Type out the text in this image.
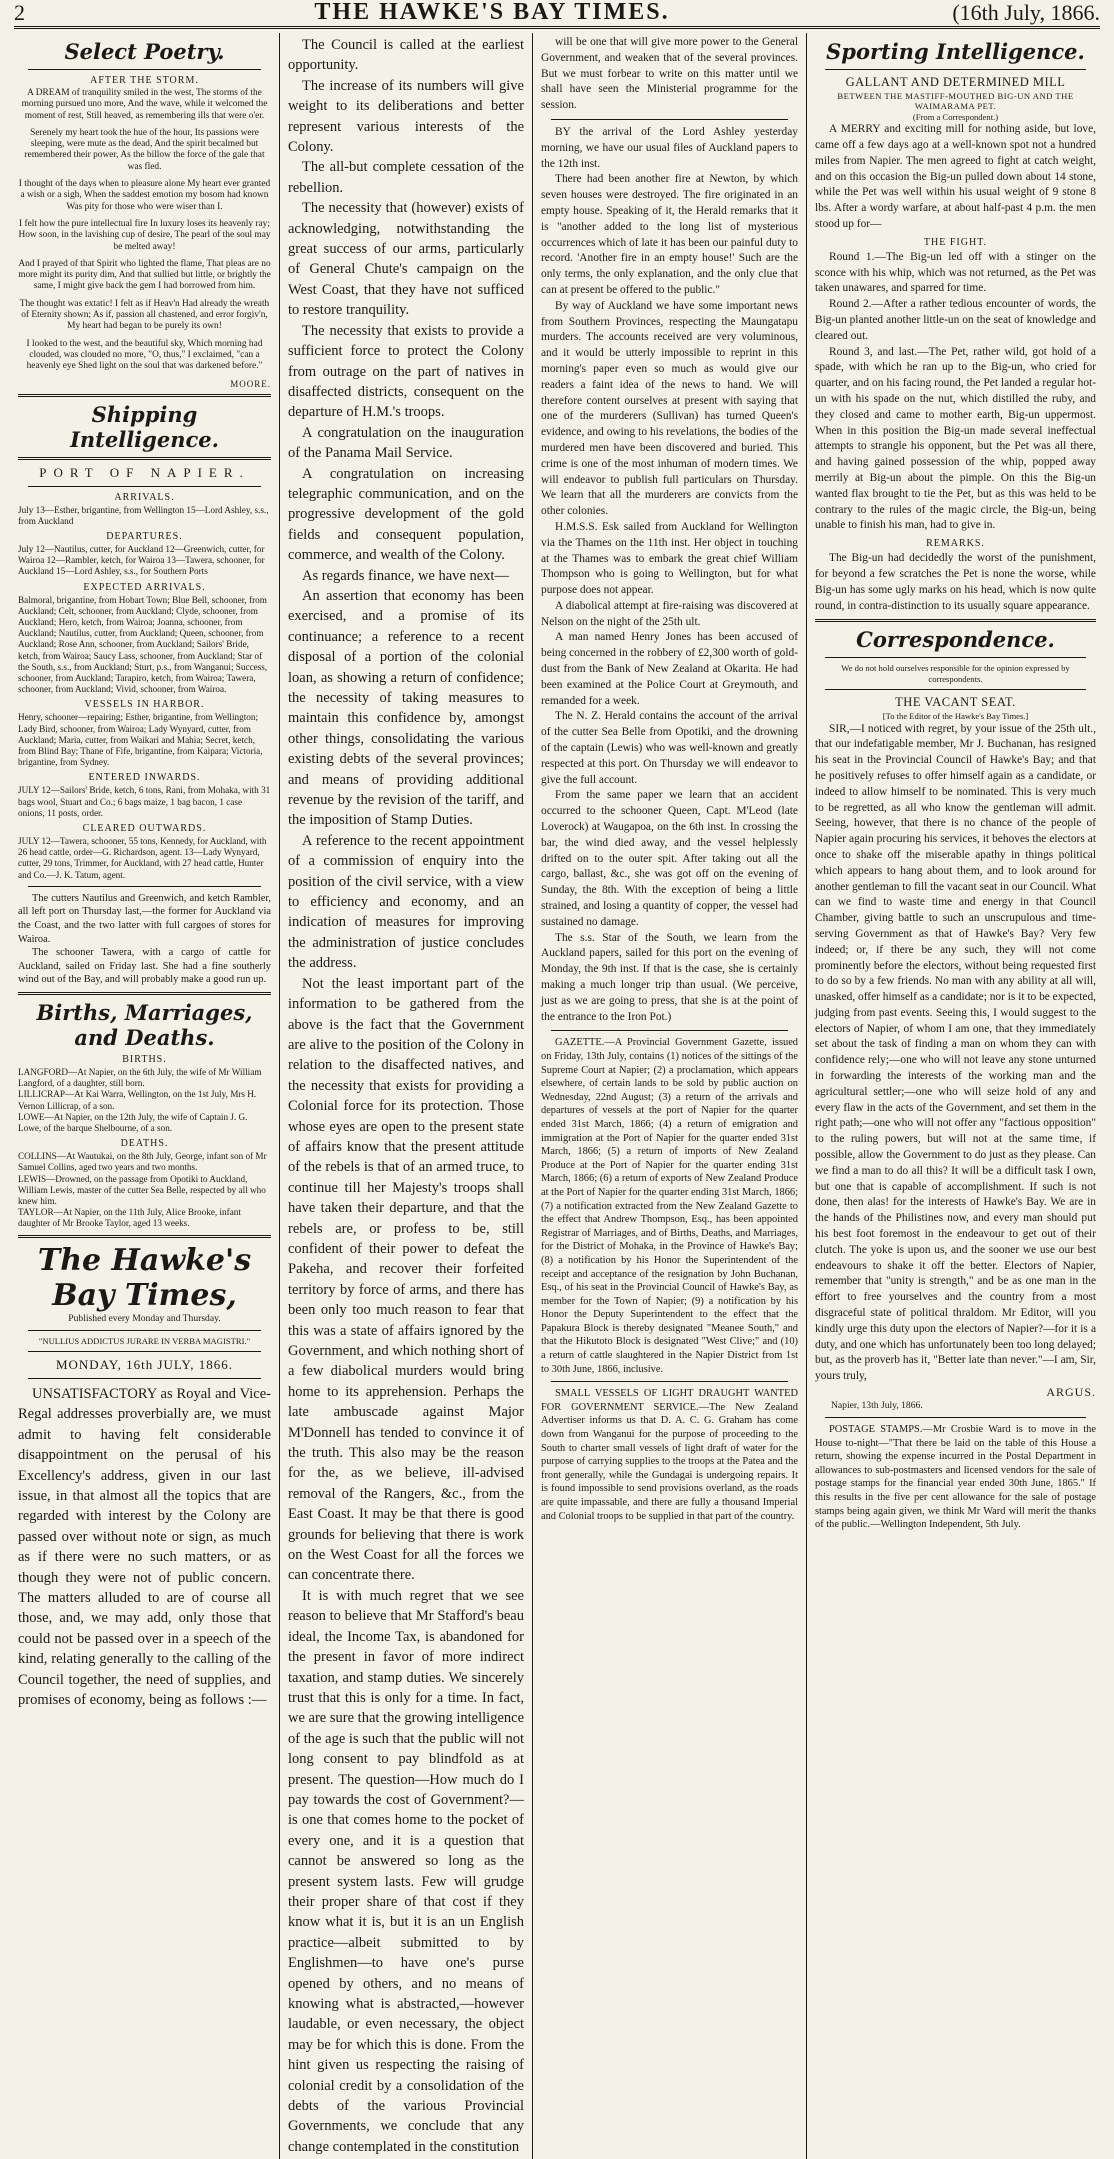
2	THE HAWKE'S BAY TIMES.	(16th July, 1866.
Select Poetry.
AFTER THE STORM.

A DREAM of tranquility smiled in the west, The storms of the morning pursued uno more, And the wave, while it welcomed the moment of rest, Still heaved, as remembering ills that were o'er.

Serenely my heart took the hue of the hour, Its passions were sleeping, were mute as the dead, And the spirit becalmed but remembered their power, As the billow the force of the gale that was fled.

I thought of the days when to pleasure alone My heart ever granted a wish or a sigh, When the saddest emotion my bosom had known Was pity for those who were wiser than I.

I felt how the pure intellectual fire In luxury loses its heavenly ray; How soon, in the lavishing cup of desire, The pearl of the soul may be melted away!

And I prayed of that Spirit who lighted the flame, That pleas are no more might its purity dim, And that sullied but little, or brightly the same, I might give back the gem I had borrowed from him.

The thought was extatic! I felt as if Heav'n Had already the wreath of Eternity shown; As if, passion all chastened, and error forgiv'n, My heart had began to be purely its own!

I looked to the west, and the beautiful sky, Which morning had clouded, was clouded no more, "O, thus," I exclaimed, "can a heavenly eye Shed light on the soul that was darkened before."

MOORE.
Shipping Intelligence.
PORT OF NAPIER.
ARRIVALS.
July 13—Esther, brigantine, from Wellington 15—Lord Ashley, s.s., from Auckland
DEPARTURES.
July 12—Nautilus, cutter, for Auckland 12—Greenwich, cutter, for Wairoa 12—Rambler, ketch, for Wairoa 13—Tawera, schooner, for Auckland 15—Lord Ashley, s.s., for Southern Ports
EXPECTED ARRIVALS.
Balmoral, brigantine, from Hobart Town; Blue Bell, schooner, from Auckland; Celt, schooner, from Auckland; Clyde, schooner, from Auckland; Hero, ketch, from Wairoa; Joanna, schooner, from Auckland; Nautilus, cutter, from Auckland; Queen, schooner, from Auckland; Rose Ann, schooner, from Auckland; Sailors' Bride, ketch, from Wairoa; Saucy Lass, schooner, from Auckland; Star of the South, s.s., from Auckland; Sturt, p.s., from Wanganui; Success, schooner, from Auckland; Tarapiro, ketch, from Wairoa; Tawera, schooner, from Auckland; Vivid, schooner, from Wairoa.
VESSELS IN HARBOR.
Henry, schooner—repairing; Esther, brigantine, from Wellington; Lady Bird, schooner, from Wairoa; Lady Wynyard, cutter, from Auckland; Maria, cutter, from Waikari and Mahia; Secret, ketch, from Blind Bay; Thane of Fife, brigantine, from Kaipara; Victoria, brigantine, from Sydney.
ENTERED INWARDS.
JULY 12—Sailors' Bride, ketch, 6 tons, Rani, from Mohaka, with 31 bags wool, Stuart and Co.; 6 bags maize, 1 bag bacon, 1 case onions, 11 posts, order.
CLEARED OUTWARDS.
JULY 12—Tawera, schooner, 55 tons, Kennedy, for Auckland, with 26 head cattle, order—G. Richardson, agent. 13—Lady Wynyard, cutter, 29 tons, Trimmer, for Auckland, with 27 head cattle, Hunter and Co.—J. K. Tatum, agent.

The cutters Nautilus and Greenwich, and ketch Rambler, all left port on Thursday last,—the former for Auckland via the Coast, and the two latter with full cargoes of stores for Wairoa.

The schooner Tawera, with a cargo of cattle for Auckland, sailed on Friday last. She had a fine southerly wind out of the Bay, and will probably make a good run up.

Births, Marriages, and Deaths.
BIRTHS.
LANGFORD—At Napier, on the 6th July, the wife of Mr William Langford, of a daughter, still born.
LILLICRAP—At Kai Warra, Wellington, on the 1st July, Mrs H. Vernon Lillicrap, of a son.
LOWE—At Napier, on the 12th July, the wife of Captain J. G. Lowe, of the barque Shelbourne, of a son.
DEATHS.
COLLINS—At Wautukai, on the 8th July, George, infant son of Mr Samuel Collins, aged two years and two months.
LEWIS—Drowned, on the passage from Opotiki to Auckland, William Lewis, master of the cutter Sea Belle, respected by all who knew him.
TAYLOR—At Napier, on the 11th July, Alice Brooke, infant daughter of Mr Brooke Taylor, aged 13 weeks.
The Hawke's Bay Times,
Published every Monday and Thursday.
"NULLIUS ADDICTUS JURARE IN VERBA MAGISTRI."
MONDAY, 16th JULY, 1866.

UNSATISFACTORY as Royal and Vice-Regal addresses proverbially are, we must admit to having felt considerable disappointment on the perusal of his Excellency's address, given in our last issue, in that almost all the topics that are regarded with interest by the Colony are passed over without note or sign, as much as if there were no such matters, or as though they were not of public concern. The matters alluded to are of course all those, and, we may add, only those that could not be passed over in a speech of the kind, relating generally to the calling of the Council together, the need of supplies, and promises of economy, being as follows :—

The Council is called at the earliest opportunity.

The increase of its numbers will give weight to its deliberations and better represent various interests of the Colony.

The all-but complete cessation of the rebellion.

The necessity that (however) exists of acknowledging, notwithstanding the great success of our arms, particularly of General Chute's campaign on the West Coast, that they have not sufficed to restore tranquility.

The necessity that exists to provide a sufficient force to protect the Colony from outrage on the part of natives in disaffected districts, consequent on the departure of H.M.'s troops.

A congratulation on the inauguration of the Panama Mail Service.

A congratulation on increasing telegraphic communication, and on the progressive development of the gold fields and consequent population, commerce, and wealth of the Colony.

As regards finance, we have next—

An assertion that economy has been exercised, and a promise of its continuance; a reference to a recent disposal of a portion of the colonial loan, as showing a return of confidence; the necessity of taking measures to maintain this confidence by, amongst other things, consolidating the various existing debts of the several provinces; and means of providing additional revenue by the revision of the tariff, and the imposition of Stamp Duties.

A reference to the recent appointment of a commission of enquiry into the position of the civil service, with a view to efficiency and economy, and an indication of measures for improving the administration of justice concludes the address.

Not the least important part of the information to be gathered from the above is the fact that the Government are alive to the position of the Colony in relation to the disaffected natives, and the necessity that exists for providing a Colonial force for its protection. Those whose eyes are open to the present state of affairs know that the present attitude of the rebels is that of an armed truce, to continue till her Majesty's troops shall have taken their departure, and that the rebels are, or profess to be, still confident of their power to defeat the Pakeha, and recover their forfeited territory by force of arms, and there has been only too much reason to fear that this was a state of affairs ignored by the Government, and which nothing short of a few diabolical murders would bring home to its apprehension. Perhaps the late ambuscade against Major M'Donnell has tended to convince it of the truth. This also may be the reason for the, as we believe, ill-advised removal of the Rangers, &c., from the East Coast. It may be that there is good grounds for believing that there is work on the West Coast for all the forces we can concentrate there.

It is with much regret that we see reason to believe that Mr Stafford's beau ideal, the Income Tax, is abandoned for the present in favor of more indirect taxation, and stamp duties. We sincerely trust that this is only for a time. In fact, we are sure that the growing intelligence of the age is such that the public will not long consent to pay blindfold as at present. The question—How much do I pay towards the cost of Government?—is one that comes home to the pocket of every one, and it is a question that cannot be answered so long as the present system lasts. Few will grudge their proper share of that cost if they know what it is, but it is an un English practice—albeit submitted to by Englishmen—to have one's purse opened by others, and no means of knowing what is abstracted,—however laudable, or even necessary, the object may be for which this is done. From the hint given us respecting the raising of colonial credit by a consolidation of the debts of the various Provincial Governments, we conclude that any change contemplated in the constitution

will be one that will give more power to the General Government, and weaken that of the several provinces. But we must forbear to write on this matter until we shall have seen the Ministerial programme for the session.

BY the arrival of the Lord Ashley yesterday morning, we have our usual files of Auckland papers to the 12th inst.

There had been another fire at Newton, by which seven houses were destroyed. The fire originated in an empty house. Speaking of it, the Herald remarks that it is "another added to the long list of mysterious occurrences which of late it has been our painful duty to record. 'Another fire in an empty house!' Such are the only terms, the only explanation, and the only clue that can at present be offered to the public."

By way of Auckland we have some important news from Southern Provinces, respecting the Maungatapu murders. The accounts received are very voluminous, and it would be utterly impossible to reprint in this morning's paper even so much as would give our readers a faint idea of the news to hand. We will therefore content ourselves at present with saying that one of the murderers (Sullivan) has turned Queen's evidence, and owing to his revelations, the bodies of the murdered men have been discovered and buried. This crime is one of the most inhuman of modern times. We will endeavor to publish full particulars on Thursday. We learn that all the murderers are convicts from the other colonies.

H.M.S.S. Esk sailed from Auckland for Wellington via the Thames on the 11th inst. Her object in touching at the Thames was to embark the great chief William Thompson who is going to Wellington, but for what purpose does not appear.

A diabolical attempt at fire-raising was discovered at Nelson on the night of the 25th ult.

A man named Henry Jones has been accused of being concerned in the robbery of £2,300 worth of gold-dust from the Bank of New Zealand at Okarita. He had been examined at the Police Court at Greymouth, and remanded for a week.

The N. Z. Herald contains the account of the arrival of the cutter Sea Belle from Opotiki, and the drowning of the captain (Lewis) who was well-known and greatly respected at this port. On Thursday we will endeavor to give the full account.

From the same paper we learn that an accident occurred to the schooner Queen, Capt. M'Leod (late Loverock) at Waugapoa, on the 6th inst. In crossing the bar, the wind died away, and the vessel helplessly drifted on to the outer spit. After taking out all the cargo, ballast, &c., she was got off on the evening of Sunday, the 8th. With the exception of being a little strained, and losing a quantity of copper, the vessel had sustained no damage.

The s.s. Star of the South, we learn from the Auckland papers, sailed for this port on the evening of Monday, the 9th inst. If that is the case, she is certainly making a much longer trip than usual. (We perceive, just as we are going to press, that she is at the point of the entrance to the Iron Pot.)

GAZETTE.—A Provincial Government Gazette, issued on Friday, 13th July, contains (1) notices of the sittings of the Supreme Court at Napier; (2) a proclamation, which appears elsewhere, of certain lands to be sold by public auction on Wednesday, 22nd August; (3) a return of the arrivals and departures of vessels at the port of Napier for the quarter ended 31st March, 1866; (4) a return of emigration and immigration at the Port of Napier for the quarter ended 31st March, 1866; (5) a return of imports of New Zealand Produce at the Port of Napier for the quarter ending 31st March, 1866; (6) a return of exports of New Zealand Produce at the Port of Napier for the quarter ending 31st March, 1866; (7) a notification extracted from the New Zealand Gazette to the effect that Andrew Thompson, Esq., has been appointed Registrar of Marriages, and of Births, Deaths, and Marriages, for the District of Mohaka, in the Province of Hawke's Bay; (8) a notification by his Honor the Superintendent of the receipt and acceptance of the resignation by John Buchanan, Esq., of his seat in the Provincial Council of Hawke's Bay, as member for the Town of Napier; (9) a notification by his Honor the Deputy Superintendent to the effect that the Papakura Block is thereby designated "Meanee South," and that the Hikutoto Block is designated "West Clive;" and (10) a return of cattle slaughtered in the Napier District from 1st to 30th June, 1866, inclusive.

SMALL VESSELS OF LIGHT DRAUGHT WANTED FOR GOVERNMENT SERVICE.—The New Zealand Advertiser informs us that D. A. C. G. Graham has come down from Wanganui for the purpose of proceeding to the South to charter small vessels of light draft of water for the purpose of carrying supplies to the troops at the Patea and the front generally, while the Gundagai is undergoing repairs. It is found impossible to send provisions overland, as the roads are quite impassable, and there are fully a thousand Imperial and Colonial troops to be supplied in that part of the country.

Sporting Intelligence.
GALLANT AND DETERMINED MILL
BETWEEN THE MASTIFF-MOUTHED BIG-UN AND THE WAIMARAMA PET.
(From a Correspondent.)

A MERRY and exciting mill for nothing aside, but love, came off a few days ago at a well-known spot not a hundred miles from Napier. The men agreed to fight at catch weight, and on this occasion the Big-un pulled down about 14 stone, while the Pet was well within his usual weight of 9 stone 8 lbs. After a wordy warfare, at about half-past 4 p.m. the men stood up for—

THE FIGHT.

Round 1.—The Big-un led off with a stinger on the sconce with his whip, which was not returned, as the Pet was taken unawares, and sparred for time.

Round 2.—After a rather tedious encounter of words, the Big-un planted another little-un on the seat of knowledge and cleared out.

Round 3, and last.—The Pet, rather wild, got hold of a spade, with which he ran up to the Big-un, who cried for quarter, and on his facing round, the Pet landed a regular hot-un with his spade on the nut, which distilled the ruby, and they closed and came to mother earth, Big-un uppermost. When in this position the Big-un made several ineffectual attempts to strangle his opponent, but the Pet was all there, and having gained possession of the whip, popped away merrily at Big-un about the pimple. On this the Big-un wanted flax brought to tie the Pet, but as this was held to be contrary to the rules of the magic circle, the Big-un, being unable to finish his man, had to give in.

REMARKS.

The Big-un had decidedly the worst of the punishment, for beyond a few scratches the Pet is none the worse, while Big-un has some ugly marks on his head, which is now quite round, in contra-distinction to its usually square appearance.

Correspondence.
We do not hold ourselves responsible for the opinion expressed by correspondents.
THE VACANT SEAT.
[To the Editor of the Hawke's Bay Times.]

SIR,—I noticed with regret, by your issue of the 25th ult., that our indefatigable member, Mr J. Buchanan, has resigned his seat in the Provincial Council of Hawke's Bay; and that he positively refuses to offer himself again as a candidate, or indeed to allow himself to be nominated. This is very much to be regretted, as all who know the gentleman will admit. Seeing, however, that there is no chance of the people of Napier again procuring his services, it behoves the electors at once to shake off the miserable apathy in things political which appears to hang about them, and to look around for another gentleman to fill the vacant seat in our Council. What can we find to waste time and energy in that Council Chamber, giving battle to such an unscrupulous and time-serving Government as that of Hawke's Bay? Very few indeed; or, if there be any such, they will not come prominently before the electors, without being requested first to do so by a few friends. No man with any ability at all will, unasked, offer himself as a candidate; nor is it to be expected, judging from past events. Seeing this, I would suggest to the electors of Napier, of whom I am one, that they immediately set about the task of finding a man on whom they can with confidence rely;—one who will not leave any stone unturned in forwarding the interests of the working man and the agricultural settler;—one who will seize hold of any and every flaw in the acts of the Government, and set them in the right path;—one who will not offer any "factious opposition" to the ruling powers, but will not at the same time, if possible, allow the Government to do just as they please. Can we find a man to do all this? It will be a difficult task I own, but one that is capable of accomplishment. If such is not done, then alas! for the interests of Hawke's Bay. We are in the hands of the Philistines now, and every man should put his best foot foremost in the endeavour to get out of their clutch. The yoke is upon us, and the sooner we use our best endeavours to shake it off the better. Electors of Napier, remember that "unity is strength," and be as one man in the effort to free yourselves and the country from a most disgraceful state of political thraldom. Mr Editor, will you kindly urge this duty upon the electors of Napier?—for it is a duty, and one which has unfortunately been too long delayed; but, as the proverb has it, "Better late than never."—I am, Sir, yours truly,

ARGUS.
Napier, 13th July, 1866.

POSTAGE STAMPS.—Mr Crosbie Ward is to move in the House to-night—"That there be laid on the table of this House a return, showing the expense incurred in the Postal Department in allowances to sub-postmasters and licensed vendors for the sale of postage stamps for the financial year ended 30th June, 1865." If this results in the five per cent allowance for the sale of postage stamps being again given, we think Mr Ward will merit the thanks of the public.—Wellington Independent, 5th July.
